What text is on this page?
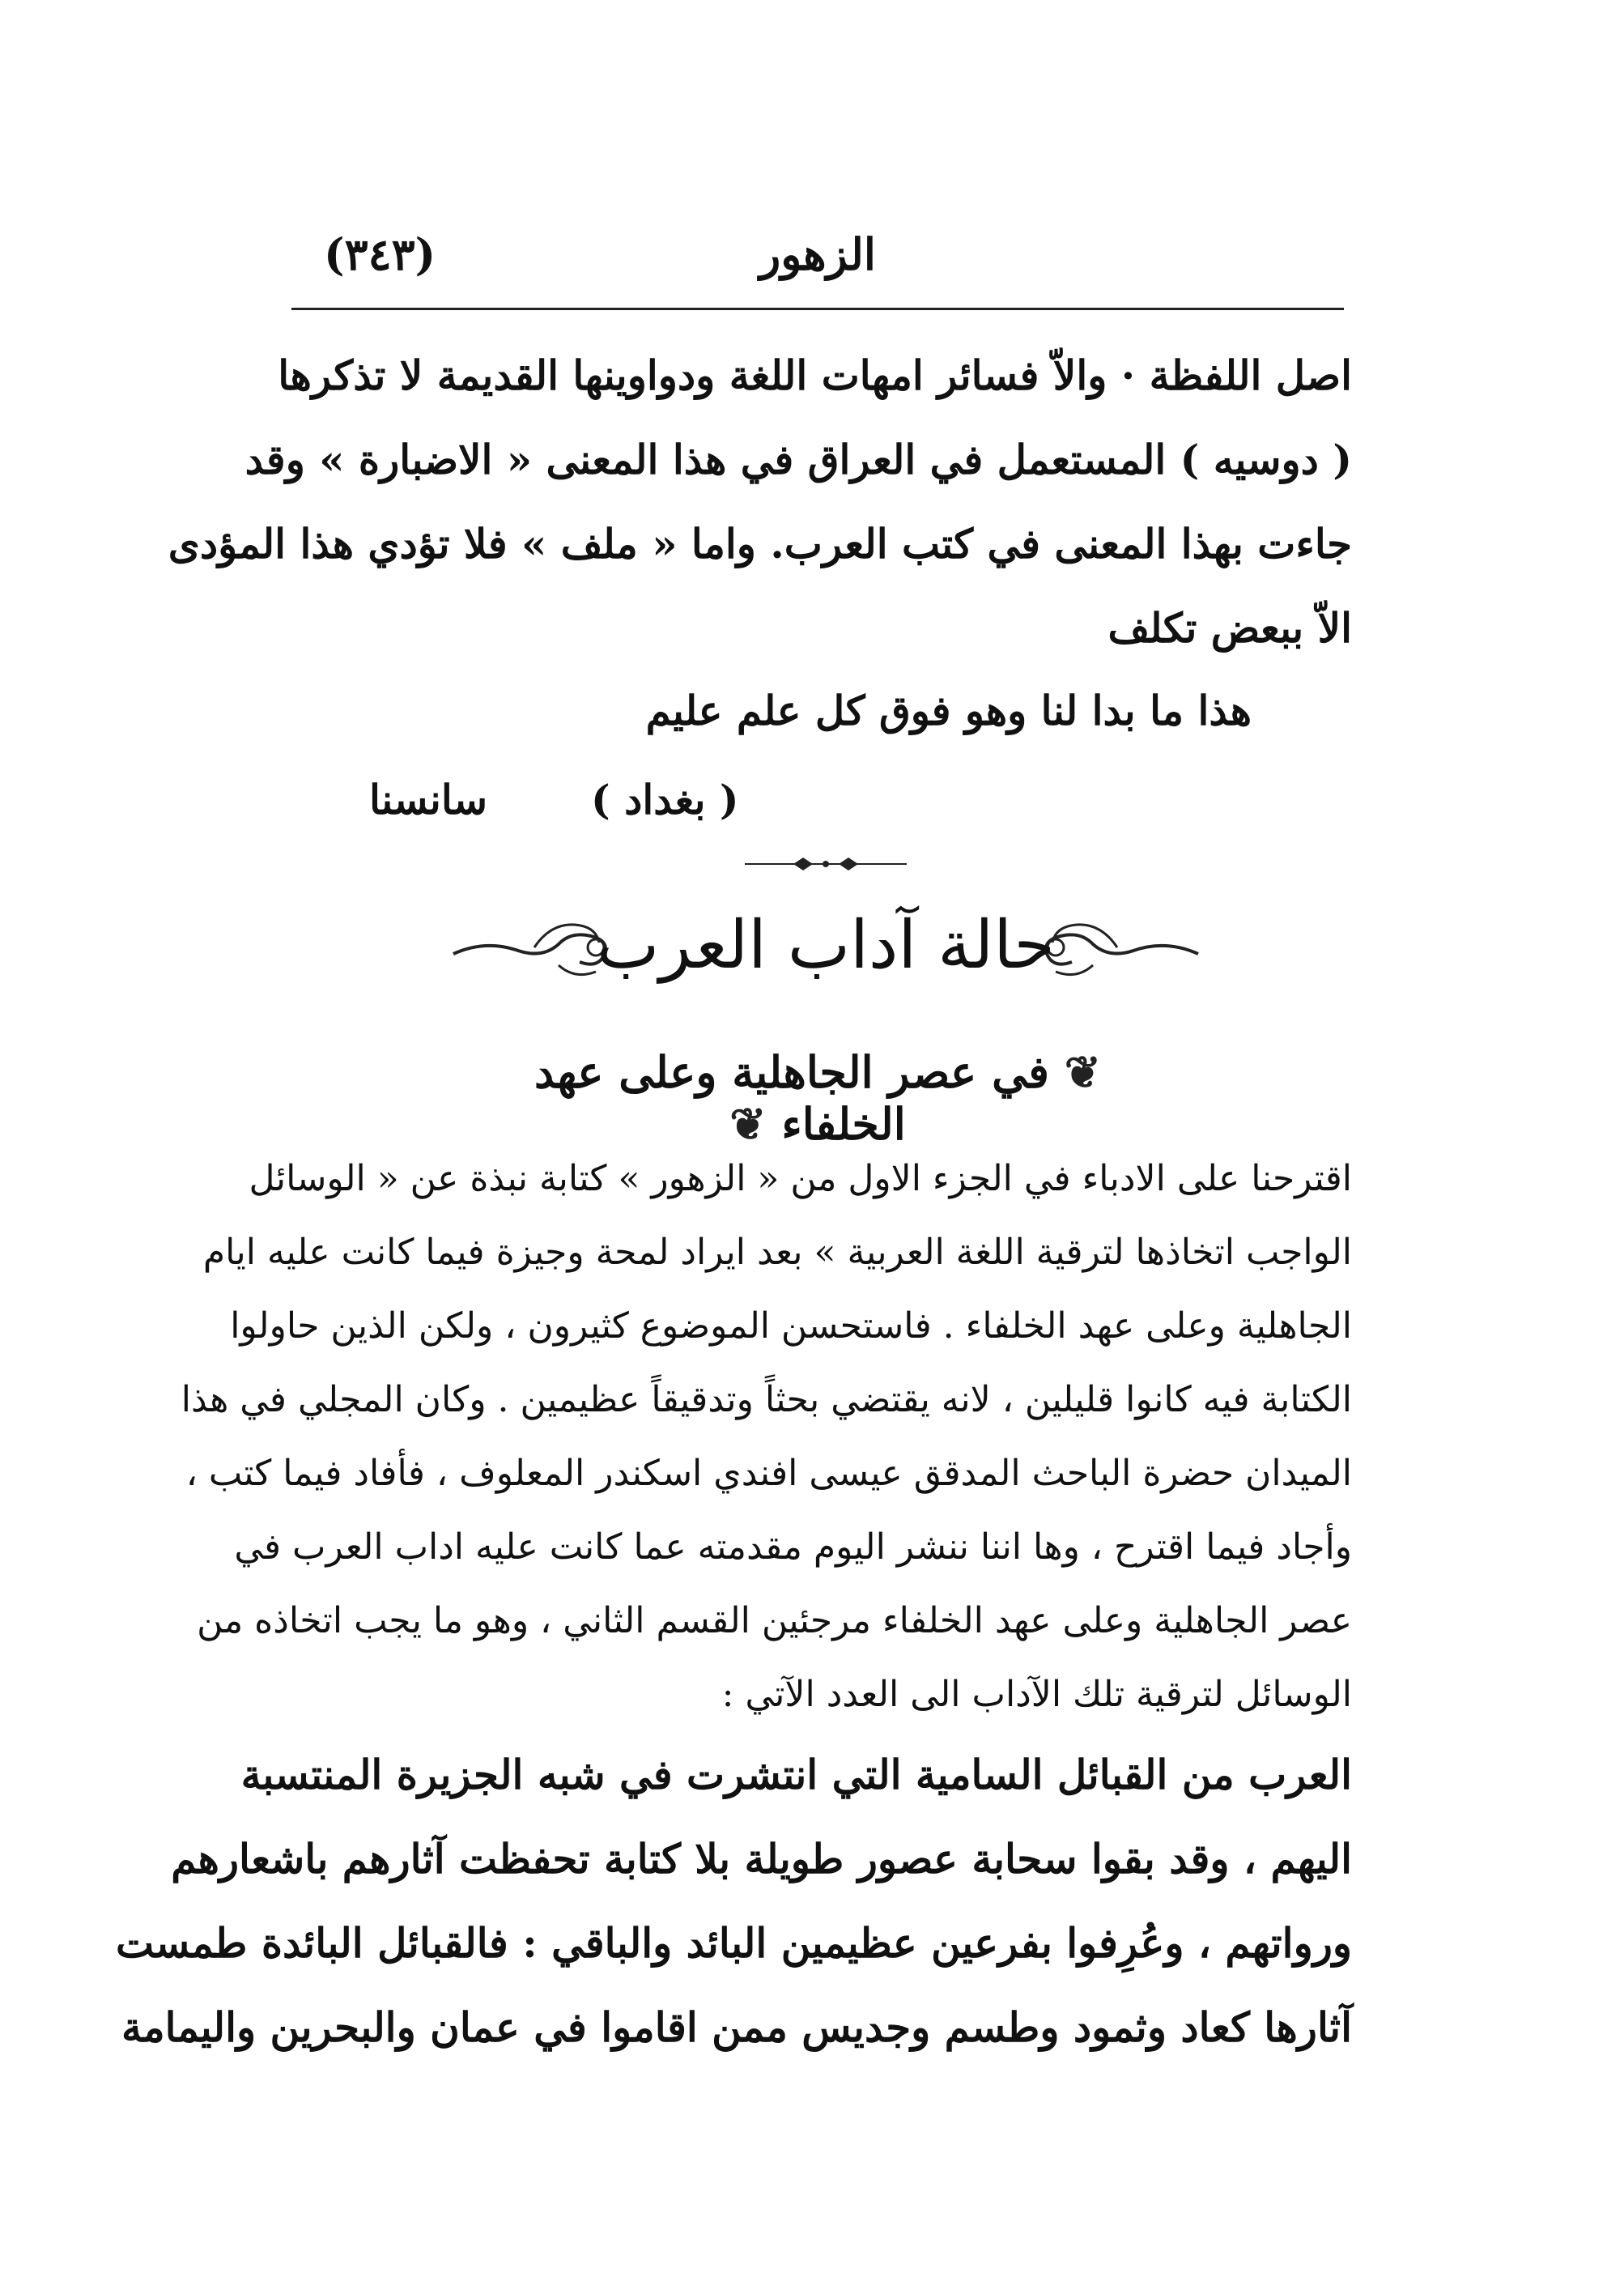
الزهور
(٣٤٣)
اصل اللفظة · والاّ فسائر امهات اللغة ودواوينها القديمة لا تذكرها
( دوسيه ) المستعمل في العراق في هذا المعنى « الاضبارة » وقد
جاءت بهذا المعنى في كتب العرب. واما « ملف » فلا تؤدي هذا المؤدى
الاّ ببعض تكلف
هذا ما بدا لنا وهو فوق كل علم عليم
( بغداد )
سانسنا
حالة آداب العرب
❦ في عصر الجاهلية وعلى عهد الخلفاء ❦
اقترحنا على الادباء في الجزء الاول من « الزهور » كتابة نبذة عن « الوسائل
الواجب اتخاذها لترقية اللغة العربية » بعد ايراد لمحة وجيزة فيما كانت عليه ايام
الجاهلية وعلى عهد الخلفاء . فاستحسن الموضوع كثيرون ، ولكن الذين حاولوا
الكتابة فيه كانوا قليلين ، لانه يقتضي بحثاً وتدقيقاً عظيمين . وكان المجلي في هذا
الميدان حضرة الباحث المدقق عيسى افندي اسكندر المعلوف ، فأفاد فيما كتب ،
وأجاد فيما اقترح ، وها اننا ننشر اليوم مقدمته عما كانت عليه اداب العرب في
عصر الجاهلية وعلى عهد الخلفاء مرجئين القسم الثاني ، وهو ما يجب اتخاذه من
الوسائل لترقية تلك الآداب الى العدد الآتي :
العرب من القبائل السامية التي انتشرت في شبه الجزيرة المنتسبة
اليهم ، وقد بقوا سحابة عصور طويلة بلا كتابة تحفظت آثارهم باشعارهم
ورواتهم ، وعُرِفوا بفرعين عظيمين البائد والباقي : فالقبائل البائدة طمست
آثارها كعاد وثمود وطسم وجديس ممن اقاموا في عمان والبحرين واليمامة
